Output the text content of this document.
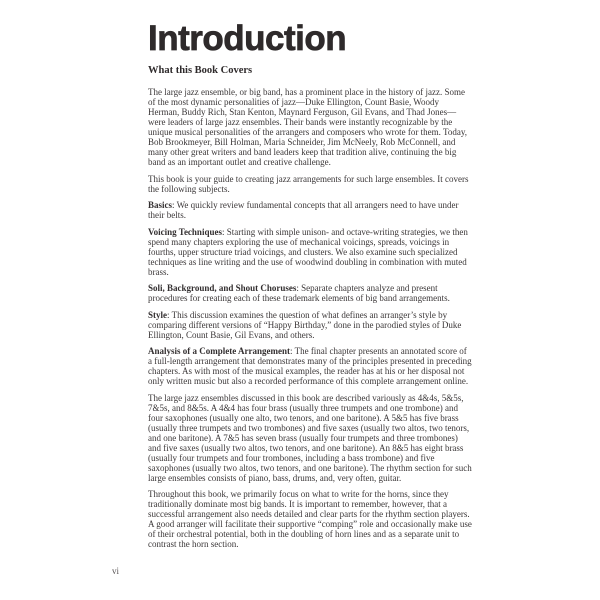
Introduction
What this Book Covers

The large jazz ensemble, or big band, has a prominent place in the history of jazz. Some of the most dynamic personalities of jazz—Duke Ellington, Count Basie, Woody Herman, Buddy Rich, Stan Kenton, Maynard Ferguson, Gil Evans, and Thad Jones—were leaders of large jazz ensembles. Their bands were instantly recognizable by the unique musical personalities of the arrangers and composers who wrote for them. Today, Bob Brookmeyer, Bill Holman, Maria Schneider, Jim McNeely, Rob McConnell, and many other great writers and band leaders keep that tradition alive, continuing the big band as an important outlet and creative challenge.

This book is your guide to creating jazz arrangements for such large ensembles. It covers the following subjects.

Basics: We quickly review fundamental concepts that all arrangers need to have under their belts.

Voicing Techniques: Starting with simple unison- and octave-writing strategies, we then spend many chapters exploring the use of mechanical voicings, spreads, voicings in fourths, upper structure triad voicings, and clusters. We also examine such specialized techniques as line writing and the use of woodwind doubling in combination with muted brass.

Soli, Background, and Shout Choruses: Separate chapters analyze and present procedures for creating each of these trademark elements of big band arrangements.

Style: This discussion examines the question of what defines an arranger’s style by comparing different versions of “Happy Birthday,” done in the parodied styles of Duke Ellington, Count Basie, Gil Evans, and others.

Analysis of a Complete Arrangement: The final chapter presents an annotated score of a full-length arrangement that demonstrates many of the principles presented in preceding chapters. As with most of the musical examples, the reader has at his or her disposal not only written music but also a recorded performance of this complete arrangement online.

The large jazz ensembles discussed in this book are described variously as 4&4s, 5&5s, 7&5s, and 8&5s. A 4&4 has four brass (usually three trumpets and one trombone) and four saxophones (usually one alto, two tenors, and one baritone). A 5&5 has five brass (usually three trumpets and two trombones) and five saxes (usually two altos, two tenors, and one baritone). A 7&5 has seven brass (usually four trumpets and three trombones) and five saxes (usually two altos, two tenors, and one baritone). An 8&5 has eight brass (usually four trumpets and four trombones, including a bass trombone) and five saxophones (usually two altos, two tenors, and one baritone). The rhythm section for such large ensembles consists of piano, bass, drums, and, very often, guitar.

Throughout this book, we primarily focus on what to write for the horns, since they traditionally dominate most big bands. It is important to remember, however, that a successful arrangement also needs detailed and clear parts for the rhythm section players. A good arranger will facilitate their supportive “comping” role and occasionally make use of their orchestral potential, both in the doubling of horn lines and as a separate unit to contrast the horn section.

vi
